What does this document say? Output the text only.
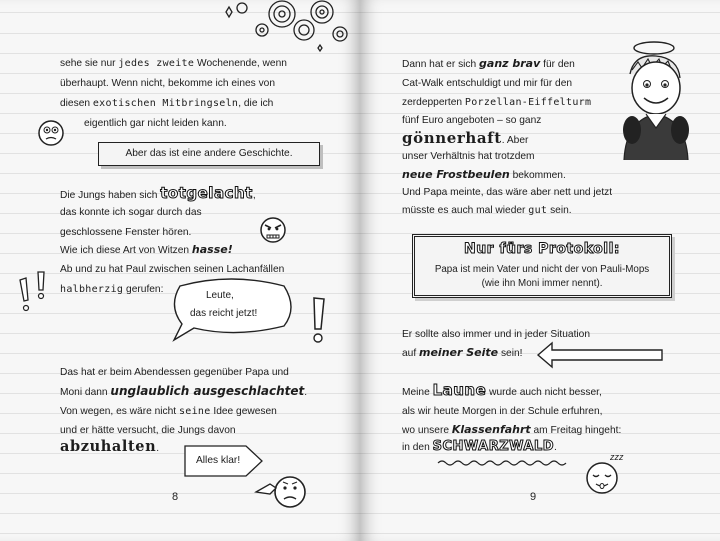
sehe sie nur jedes zweite Wochenende, wenn
überhaupt. Wenn nicht, bekomme ich eines von
diesen exotischen Mitbringseln, die ich
eigentlich gar nicht leiden kann.
Aber das ist eine andere Geschichte.
Die Jungs haben sich totgelacht,
das konnte ich sogar durch das
geschlossene Fenster hören.
Wie ich diese Art von Witzen hasse!
Ab und zu hat Paul zwischen seinen Lachanfällen
halbherzig gerufen:
Leute,
das reicht jetzt!
Das hat er beim Abendessen gegenüber Papa und
Moni dann unglaublich ausgeschlachtet.
Von wegen, es wäre nicht seine Idee gewesen
und er hätte versucht, die Jungs davon
abzuhalten.
Alles klar!
8
Dann hat er sich ganz brav für den
Cat-Walk entschuldigt und mir für den
zerdepperten Porzellan-Eiffelturm
fünf Euro angeboten – so ganz
gönnerhaft. Aber
unser Verhältnis hat trotzdem
neue Frostbeulen bekommen.
Und Papa meinte, das wäre aber nett und jetzt
müsste es auch mal wieder gut sein.
Nur fürs Protokoll:
Papa ist mein Vater und nicht der von Pauli-Mops
(wie ihn Moni immer nennt).
Er sollte also immer und in jeder Situation
auf meiner Seite sein!
Meine Laune wurde auch nicht besser,
als wir heute Morgen in der Schule erfuhren,
wo unsere Klassenfahrt am Freitag hingeht:
in den SCHWARZWALD.
zzz
9
